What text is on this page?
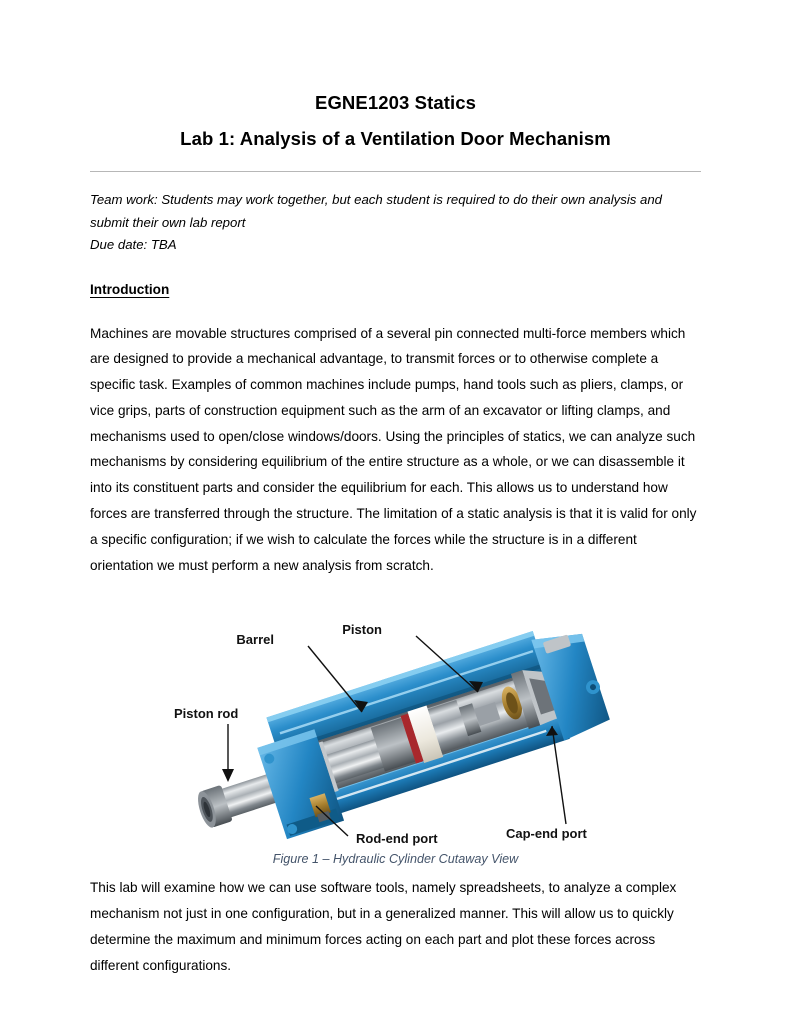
EGNE1203 Statics
Lab 1: Analysis of a Ventilation Door Mechanism

Team work: Students may work together, but each student is required to do their own analysis and submit their own lab report

Due date: TBA

Introduction

Machines are movable structures comprised of a several pin connected multi-force members which are designed to provide a mechanical advantage, to transmit forces or to otherwise complete a specific task. Examples of common machines include pumps, hand tools such as pliers, clamps, or vice grips, parts of construction equipment such as the arm of an excavator or lifting clamps, and mechanisms used to open/close windows/doors. Using the principles of statics, we can analyze such mechanisms by considering equilibrium of the entire structure as a whole, or we can disassemble it into its constituent parts and consider the equilibrium for each. This allows us to understand how forces are transferred through the structure. The limitation of a static analysis is that it is valid for only a specific configuration; if we wish to calculate the forces while the structure is in a different orientation we must perform a new analysis from scratch.

Barrel
Piston
Piston rod
Rod-end port	Cap-end port
Figure 1 – Hydraulic Cylinder Cutaway View

This lab will examine how we can use software tools, namely spreadsheets, to analyze a complex mechanism not just in one configuration, but in a generalized manner. This will allow us to quickly determine the maximum and minimum forces acting on each part and plot these forces across different configurations.
